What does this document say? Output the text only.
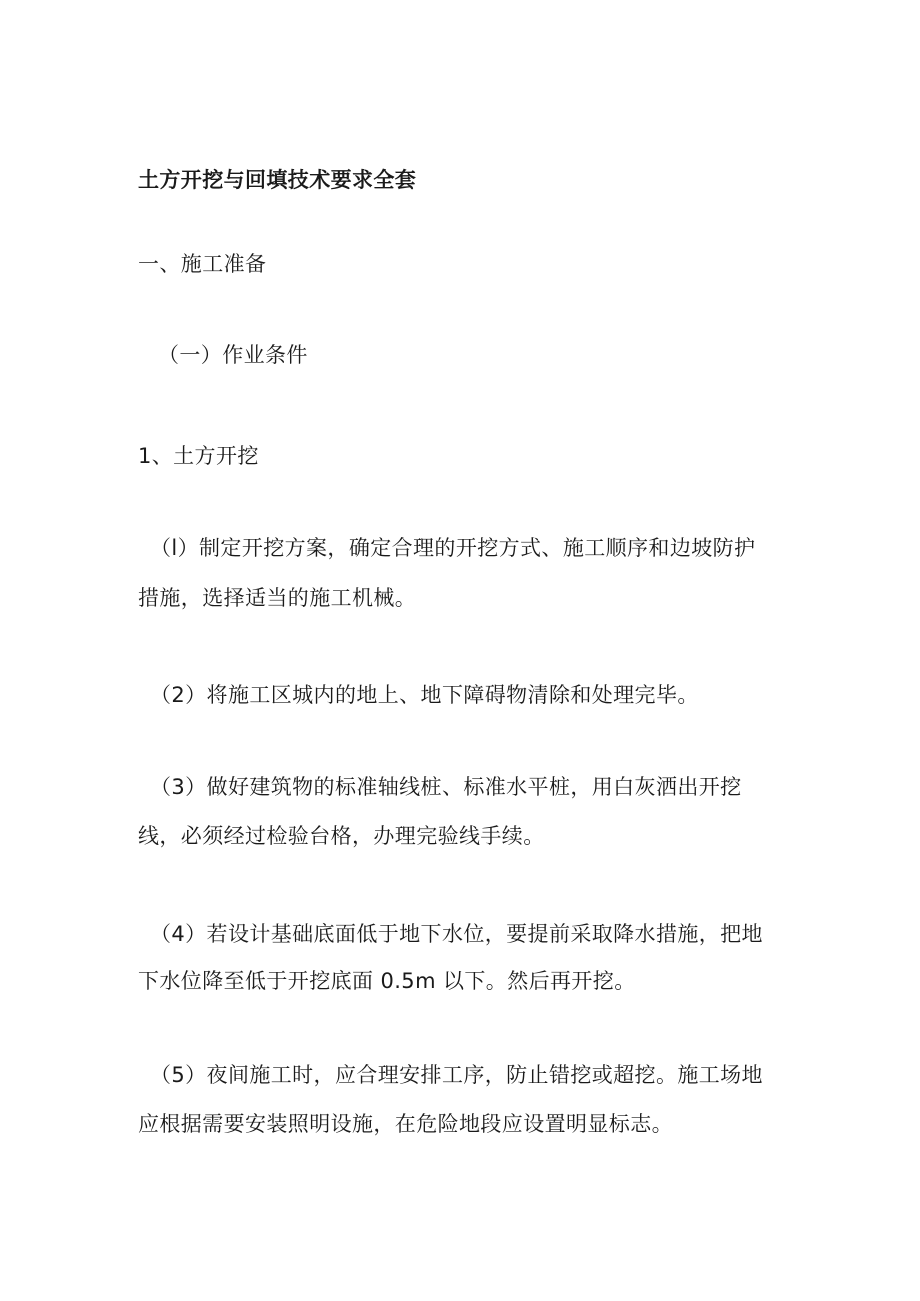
土方开挖与回填技术要求全套
一、施工准备
（一）作业条件
1、土方开挖
（l）制定开挖方案，确定合理的开挖方式、施工顺序和边坡防护
措施，选择适当的施工机械。
（2）将施工区城内的地上、地下障碍物清除和处理完毕。
（3）做好建筑物的标准轴线桩、标准水平桩，用白灰洒出开挖
线，必须经过检验台格，办理完验线手续。
（4）若设计基础底面低于地下水位，要提前采取降水措施，把地
下水位降至低于开挖底面 0.5m 以下。然后再开挖。
（5）夜间施工时，应合理安排工序，防止错挖或超挖。施工场地
应根据需要安装照明设施，在危险地段应设置明显标志。
